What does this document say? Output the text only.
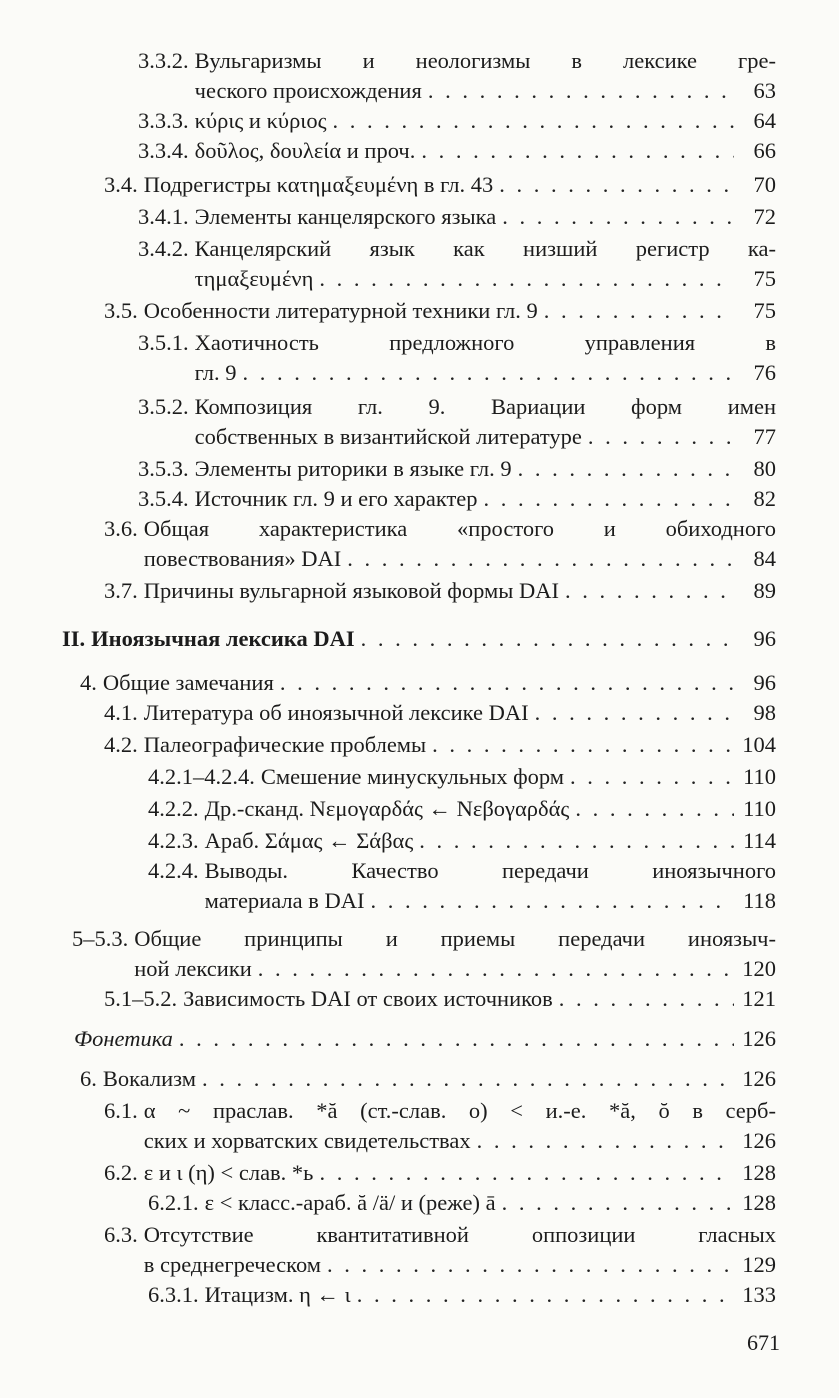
3.3.2. Вульгаризмы и неологизмы в лексике гре-
ческого происхождения . . .	63
3.3.3. κύρις и κύριος . . .	64
3.3.4. δοῦλος, δουλεία и проч. . . .	66
3.4. Подрегистры κατημαξευμένη в гл. 43 . . .	70
3.4.1. Элементы канцелярского языка . . .	72
3.4.2. Канцелярский язык как низший регистр ка-
τημαξευμένη . . .	75
3.5. Особенности литературной техники гл. 9 . . .	75
3.5.1. Хаотичность предложного управления в
гл. 9 . . .	76
3.5.2. Композиция гл. 9. Вариации форм имен
собственных в византийской литературе . . .	77
3.5.3. Элементы риторики в языке гл. 9 . . .	80
3.5.4. Источник гл. 9 и его характер . . .	82
3.6. Общая характеристика «простого и обиходного
повествования» DAI . . .	84
3.7. Причины вульгарной языковой формы DAI . . .	89
II. Иноязычная лексика DAI . . .	96
4. Общие замечания . . .	96
4.1. Литература об иноязычной лексике DAI . . .	98
4.2. Палеографические проблемы . . .	104
4.2.1–4.2.4. Смешение минускульных форм . . .	110
4.2.2. Др.-сканд. Νεμογαρδάς ← Νεβογαρδάς . . .	110
4.2.3. Араб. Σάμας ← Σάβας . . .	114
4.2.4. Выводы. Качество передачи иноязычного
материала в DAI . . .	118
5–5.3. Общие принципы и приемы передачи иноязыч-
ной лексики . . .	120
5.1–5.2. Зависимость DAI от своих источников . . .	121
Фонетика . . .	126
6. Вокализм . . .	126
6.1. α ~ праслав. *ă (ст.-слав. о) < и.-е. *ă, ŏ в серб-
ских и хорватских свидетельствах . . .	126
6.2. ε и ι (η) < слав. *ь . . .	128
6.2.1. ε < класс.-араб. ă /ä/ и (реже) ā . . .	128
6.3. Отсутствие квантитативной оппозиции гласных
в среднегреческом . . .	129
6.3.1. Итацизм. η ← ι . . .	133
671
